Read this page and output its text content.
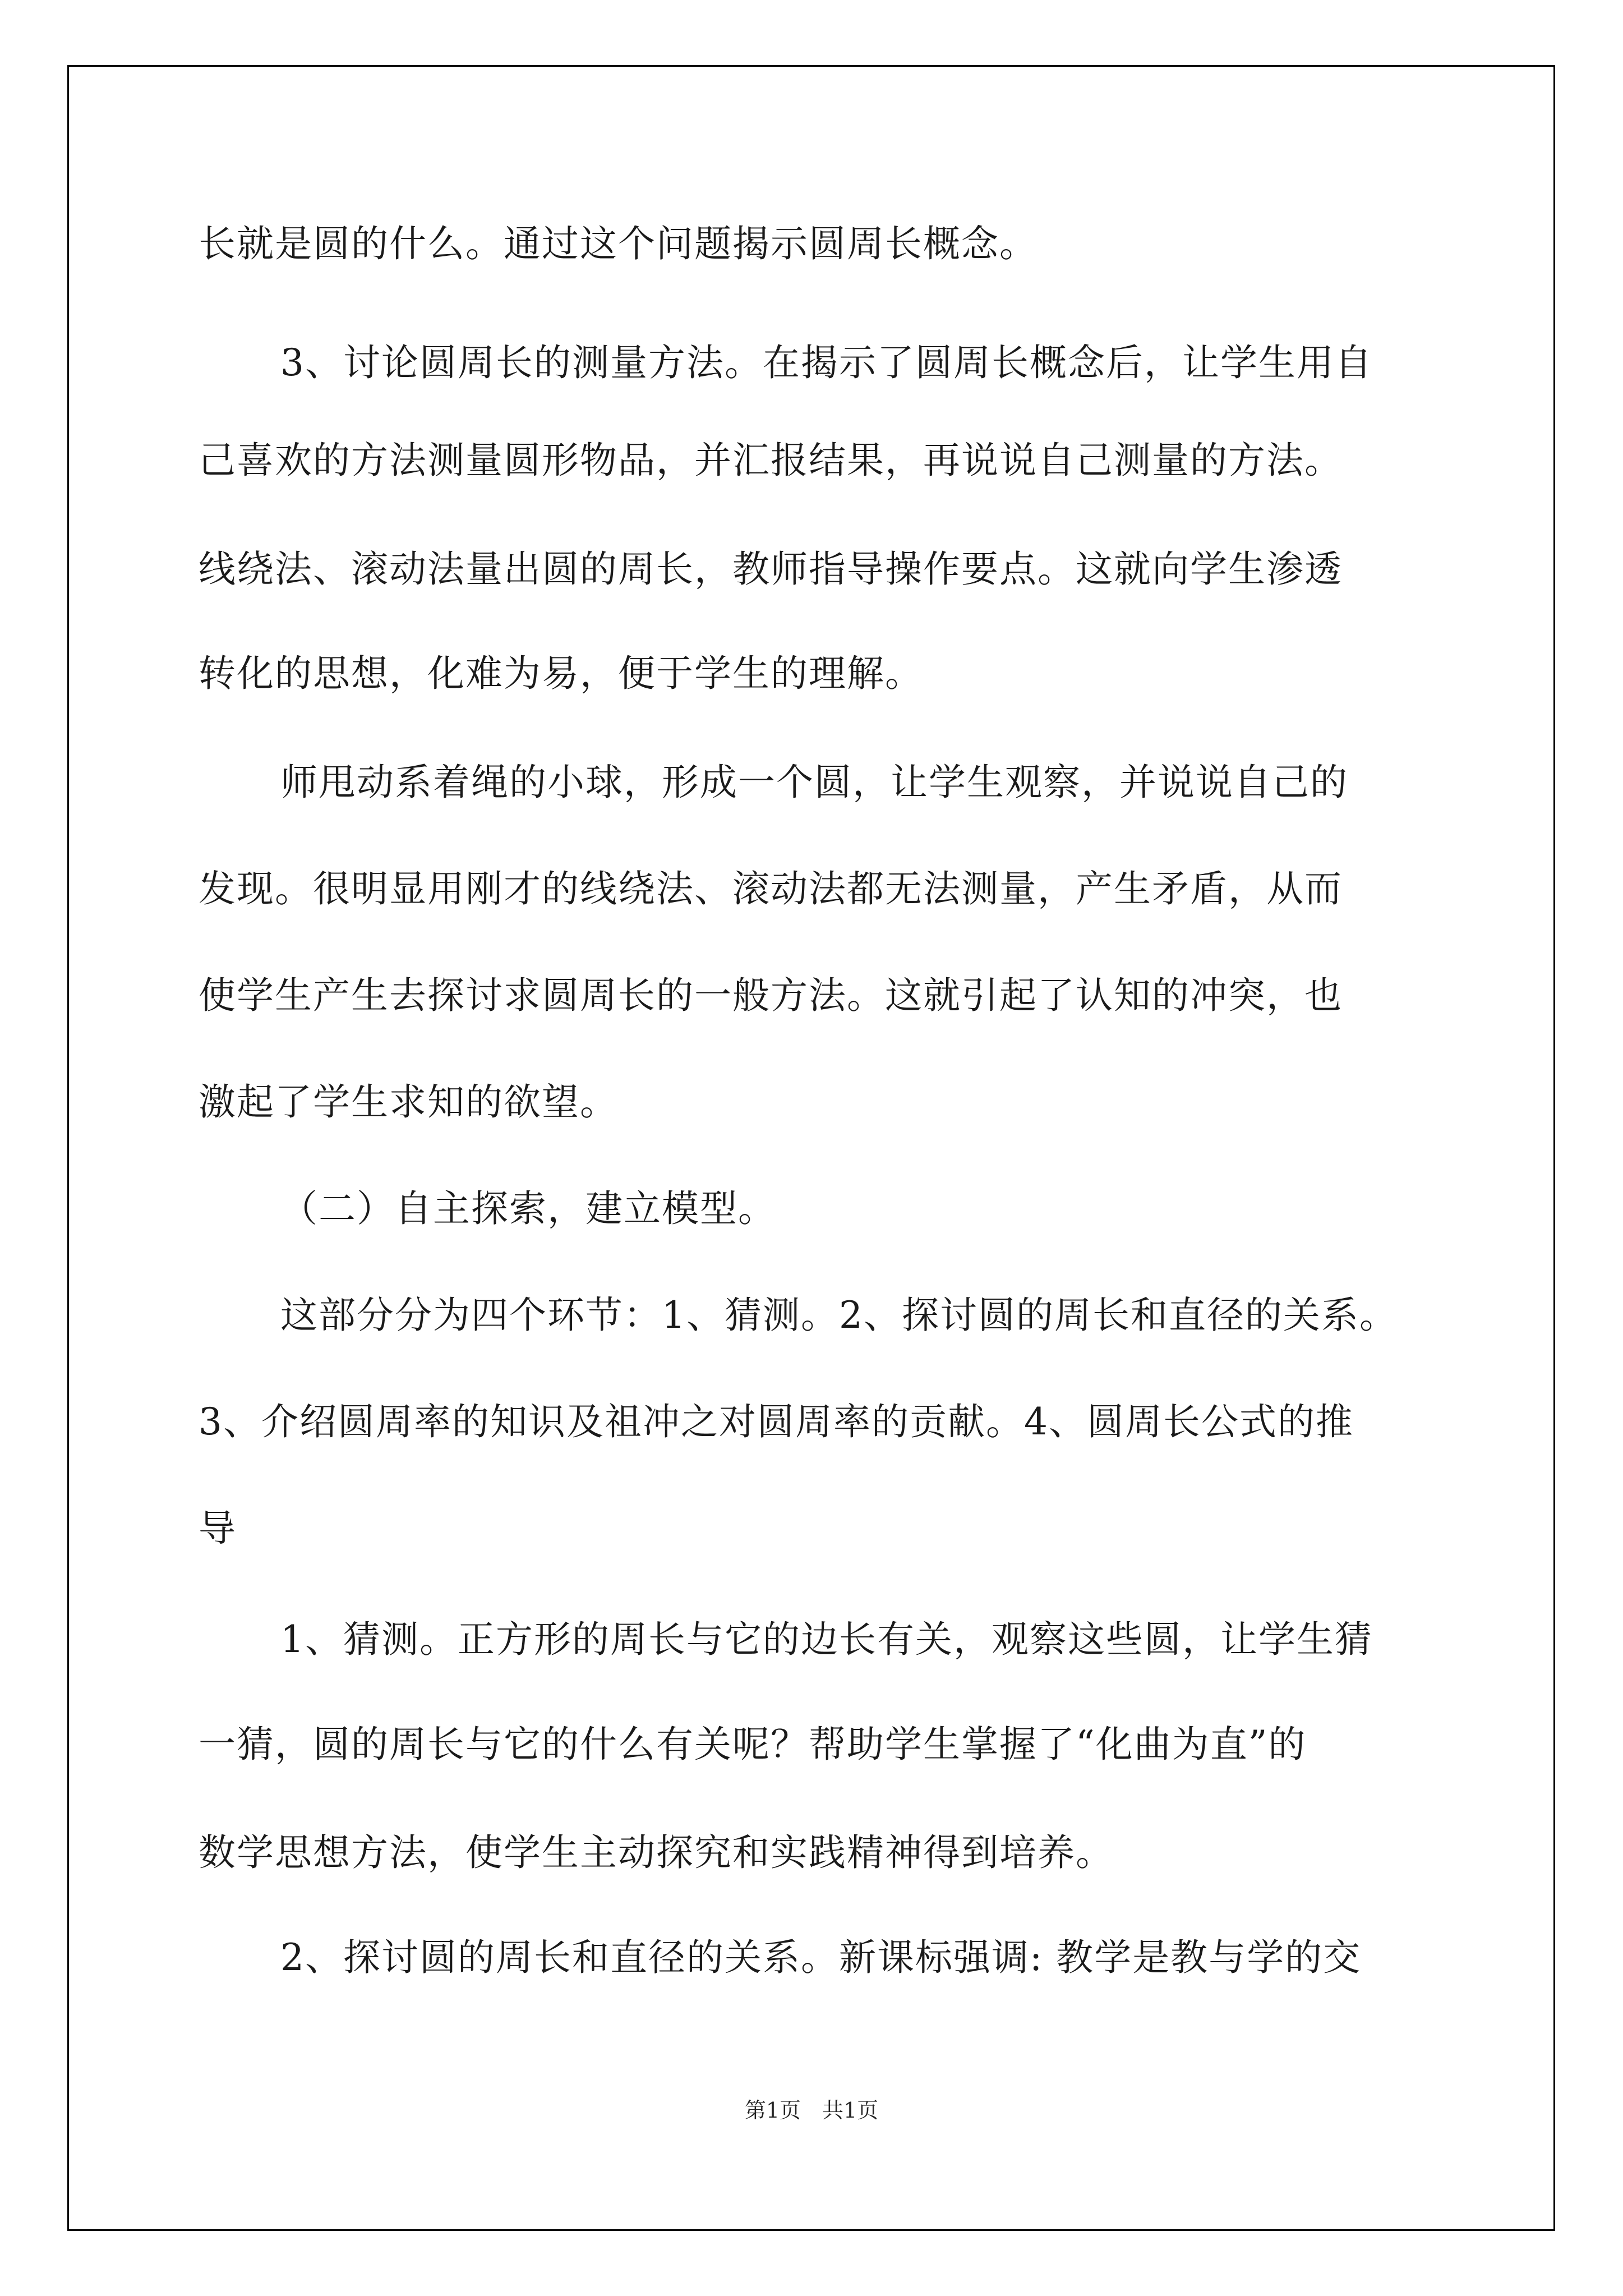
长就是圆的什么。通过这个问题揭示圆周长概念。
3、讨论圆周长的测量方法。在揭示了圆周长概念后，让学生用自
己喜欢的方法测量圆形物品，并汇报结果，再说说自己测量的方法。
线绕法、滚动法量出圆的周长，教师指导操作要点。这就向学生渗透
转化的思想，化难为易，便于学生的理解。
师甩动系着绳的小球，形成一个圆，让学生观察，并说说自己的
发现。很明显用刚才的线绕法、滚动法都无法测量，产生矛盾，从而
使学生产生去探讨求圆周长的一般方法。这就引起了认知的冲突，也
激起了学生求知的欲望。
（二）自主探索，建立模型。
这部分分为四个环节：1、猜测。2、探讨圆的周长和直径的关系。
3、介绍圆周率的知识及祖冲之对圆周率的贡献。4、圆周长公式的推
导
1、猜测。正方形的周长与它的边长有关，观察这些圆，让学生猜
一猜，圆的周长与它的什么有关呢？帮助学生掌握了“化曲为直”的
数学思想方法，使学生主动探究和实践精神得到培养。
2、探讨圆的周长和直径的关系。新课标强调: 教学是教与学的交
第1页　共1页
